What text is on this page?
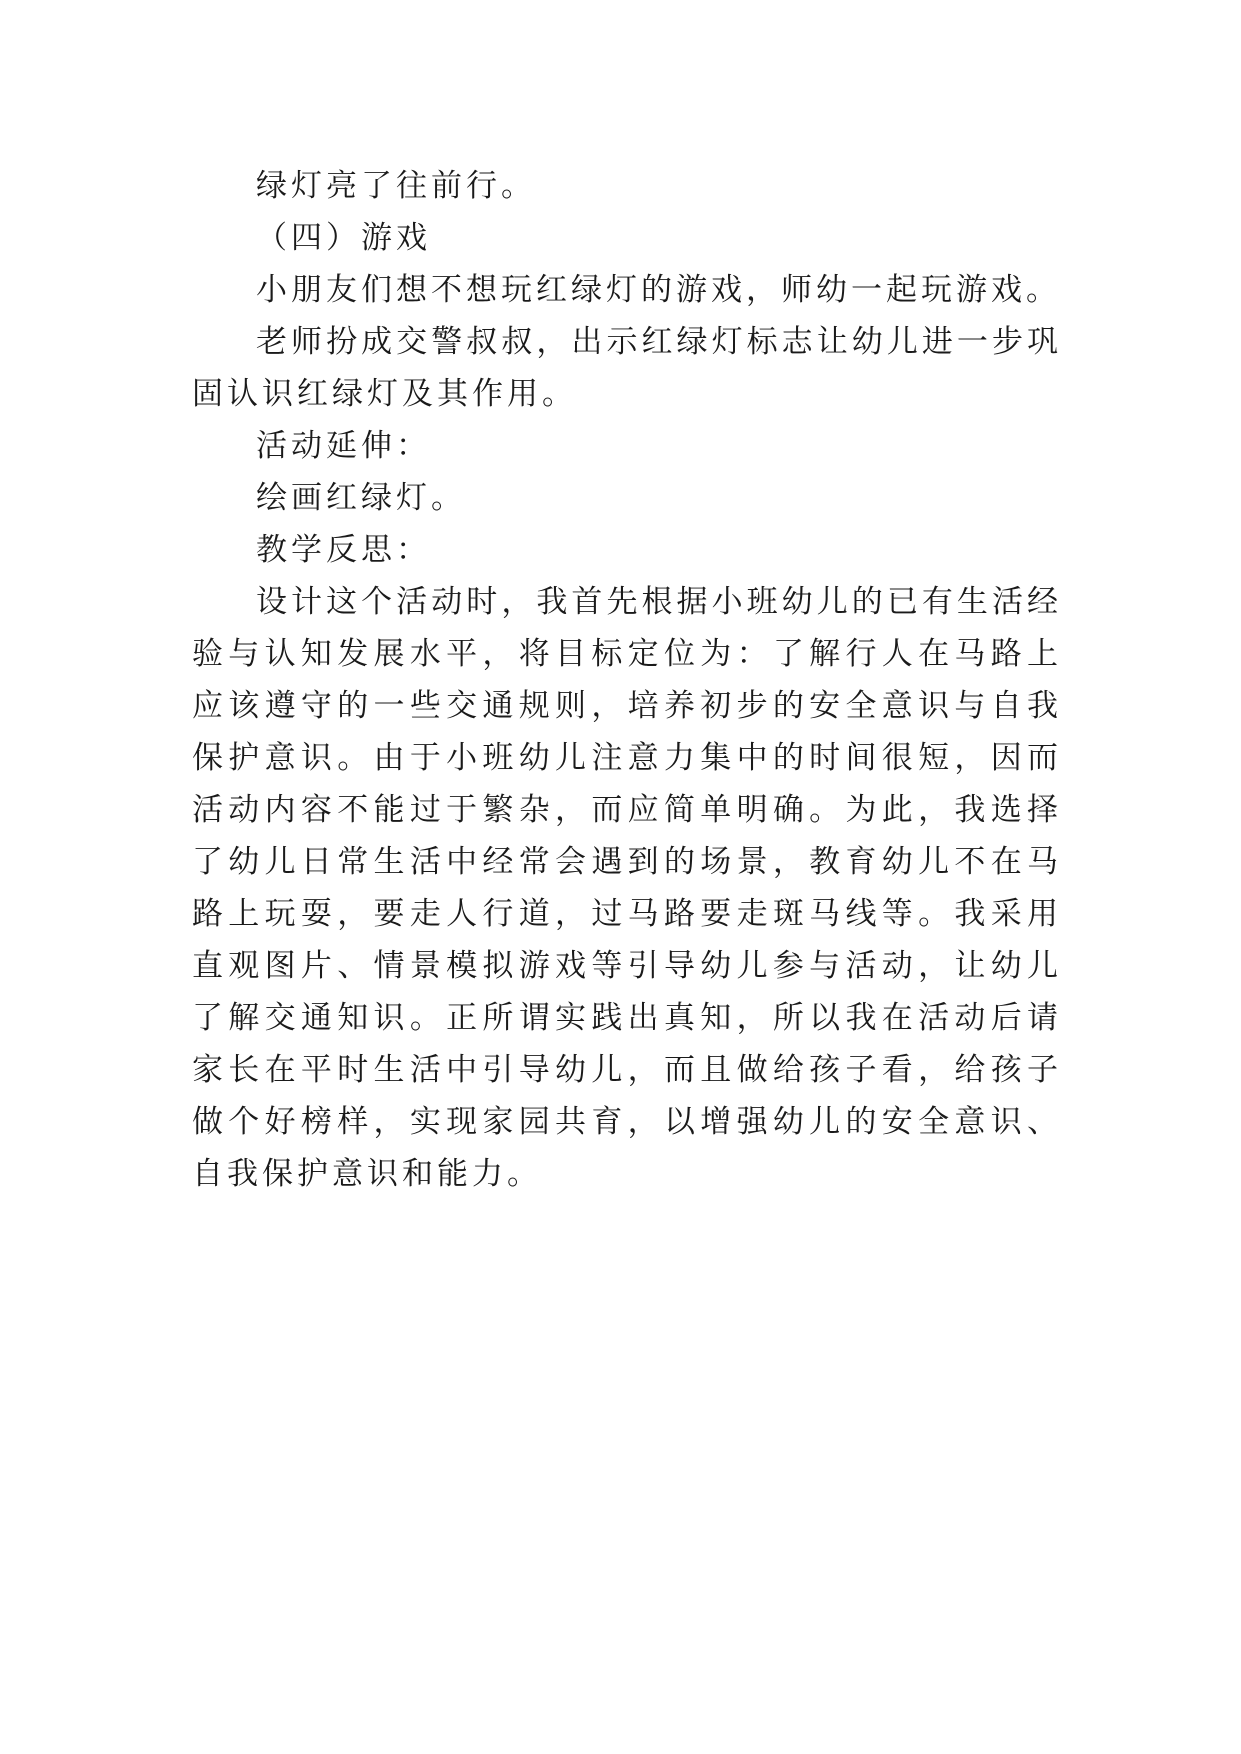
绿灯亮了往前行。

（四）游戏

小朋友们想不想玩红绿灯的游戏，师幼一起玩游戏。

老师扮成交警叔叔，出示红绿灯标志让幼儿进一步巩固认识红绿灯及其作用。

活动延伸：

绘画红绿灯。

教学反思：

设计这个活动时，我首先根据小班幼儿的已有生活经验与认知发展水平，将目标定位为：了解行人在马路上应该遵守的一些交通规则，培养初步的安全意识与自我保护意识。由于小班幼儿注意力集中的时间很短，因而活动内容不能过于繁杂，而应简单明确。为此，我选择了幼儿日常生活中经常会遇到的场景，教育幼儿不在马路上玩耍，要走人行道，过马路要走斑马线等。我采用直观图片、情景模拟游戏等引导幼儿参与活动，让幼儿了解交通知识。正所谓实践出真知，所以我在活动后请家长在平时生活中引导幼儿，而且做给孩子看，给孩子做个好榜样，实现家园共育，以增强幼儿的安全意识、自我保护意识和能力。
